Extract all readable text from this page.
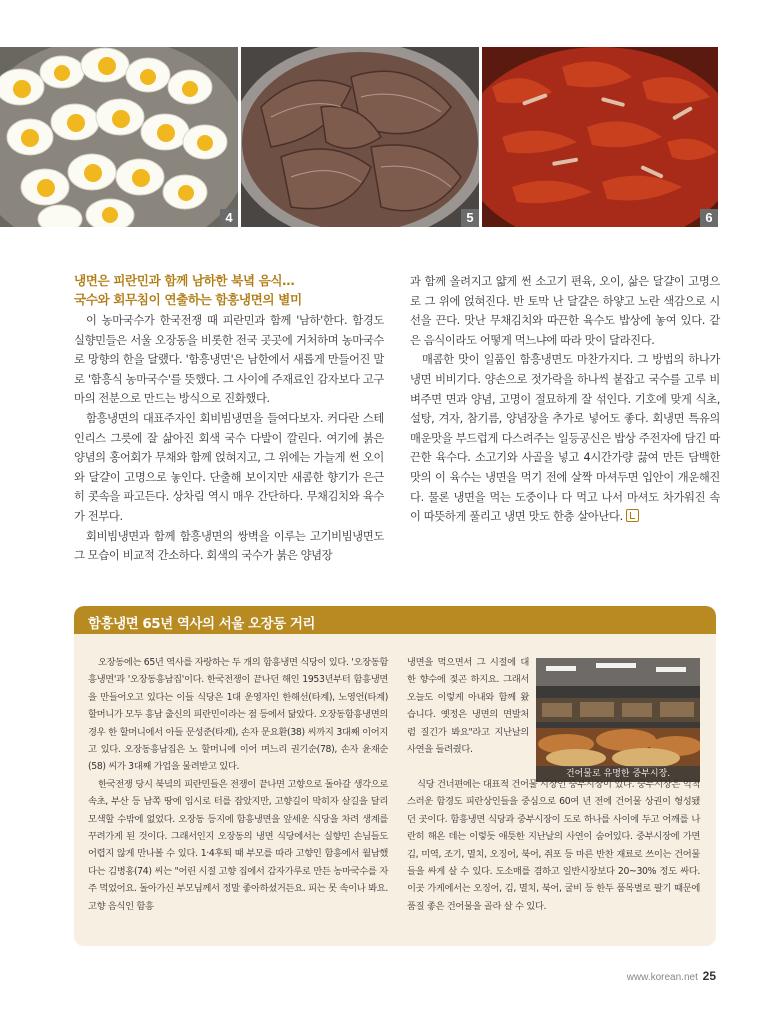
4	5	6
냉면은 피란민과 함께 남하한 북녘 음식…
국수와 회무침이 연출하는 함흥냉면의 별미

이 농마국수가 한국전쟁 때 피란민과 함께 '남하'한다. 함경도 실향민들은 서울 오장동을 비롯한 전국 곳곳에 거처하며 농마국수로 망향의 한을 달랬다. '함흥냉면'은 남한에서 새롭게 만들어진 말로 '함흥식 농마국수'를 뜻했다. 그 사이에 주재료인 감자보다 고구마의 전분으로 만드는 방식으로 진화했다.

함흥냉면의 대표주자인 회비빔냉면을 들여다보자. 커다란 스테인리스 그릇에 잘 삶아진 회색 국수 다발이 깔린다. 여기에 붉은 양념의 홍어회가 무채와 함께 얹혀지고, 그 위에는 가늘게 썬 오이와 달걀이 고명으로 놓인다. 단출해 보이지만 새콤한 향기가 은근히 콧속을 파고든다. 상차림 역시 매우 간단하다. 무채김치와 육수가 전부다.

회비빔냉면과 함께 함흥냉면의 쌍벽을 이루는 고기비빔냉면도 그 모습이 비교적 간소하다. 회색의 국수가 붉은 양념장

과 함께 올려지고 얇게 썬 소고기 편육, 오이, 삶은 달걀이 고명으로 그 위에 얹혀진다. 반 토막 난 달걀은 하얗고 노란 색감으로 시선을 끈다. 맛난 무채김치와 따끈한 육수도 밥상에 놓여 있다. 같은 음식이라도 어떻게 먹느냐에 따라 맛이 달라진다.

매콤한 맛이 일품인 함흥냉면도 마찬가지다. 그 방법의 하나가 냉면 비비기다. 양손으로 젓가락을 하나씩 붙잡고 국수를 고루 비벼주면 면과 양념, 고명이 절묘하게 잘 섞인다. 기호에 맞게 식초, 설탕, 겨자, 참기름, 양념장을 추가로 넣어도 좋다. 회냉면 특유의 매운맛을 부드럽게 다스려주는 일등공신은 밥상 주전자에 담긴 따끈한 육수다. 소고기와 사골을 넣고 4시간가량 끓여 만든 담백한 맛의 이 육수는 냉면을 먹기 전에 살짝 마셔두면 입안이 개운해진다. 물론 냉면을 먹는 도중이나 다 먹고 나서 마셔도 차가워진 속이 따뜻하게 풀리고 냉면 맛도 한층 살아난다.

함흥냉면 65년 역사의 서울 오장동 거리

오장동에는 65년 역사를 자랑하는 두 개의 함흥냉면 식당이 있다. '오장동함흥냉면'과 '오장동흥남집'이다. 한국전쟁이 끝나던 해인 1953년부터 함흥냉면을 만들어오고 있다는 이들 식당은 1대 운영자인 한해선(타계), 노영언(타계) 할머니가 모두 흥남 출신의 피란민이라는 점 등에서 닮았다. 오장동함흥냉면의 경우 한 할머니에서 아들 문성준(타계), 손자 문요환(38) 씨까지 3대째 이어지고 있다. 오장동흥남집은 노 할머니에 이어 며느리 권기순(78), 손자 윤재순(58) 씨가 3대째 가업을 물려받고 있다.

한국전쟁 당시 북녘의 피란민들은 전쟁이 끝나면 고향으로 돌아갈 생각으로 속초, 부산 등 남쪽 땅에 임시로 터를 잡았지만, 고향길이 막히자 살길을 달리 모색할 수밖에 없었다. 오장동 등지에 함흥냉면을 앞세운 식당을 차려 생계를 꾸려가게 된 것이다. 그래서인지 오장동의 냉면 식당에서는 실향민 손님들도 어렵지 않게 만나볼 수 있다. 1·4후퇴 때 부모를 따라 고향인 함흥에서 월남했다는 김병홍(74) 씨는 "어린 시절 고향 집에서 감자가루로 만든 농마국수를 자주 먹었어요. 돌아가신 부모님께서 정말 좋아하셨거든요. 피는 못 속이나 봐요. 고향 음식인 함흥

냉면을 먹으면서 그 시절에 대한 향수에 젖곤 하지요. 그래서 오늘도 이렇게 아내와 함께 왔습니다. 옛정은 냉면의 면발처럼 질긴가 봐요"라고 지난날의 사연을 들려줬다.

건어물로 유명한 중부시장.

식당 건너편에는 대표적 건어물 시장인 중부시장이 있다. 중부시장은 억척스러운 함경도 피란상인들을 중심으로 60여 년 전에 건어물 상권이 형성됐던 곳이다. 함흥냉면 식당과 중부시장이 도로 하나를 사이에 두고 어깨를 나란히 해온 데는 이렇듯 애틋한 지난날의 사연이 숨어있다. 중부시장에 가면 김, 미역, 조기, 멸치, 오징어, 북어, 쥐포 등 마른 반찬 재료로 쓰이는 건어물들을 싸게 살 수 있다. 도소매를 겸하고 일반시장보다 20~30% 정도 싸다. 이곳 가게에서는 오징어, 김, 멸치, 북어, 굴비 등 한두 품목별로 팔기 때문에 품질 좋은 건어물을 골라 살 수 있다.

www.korean.net 25
